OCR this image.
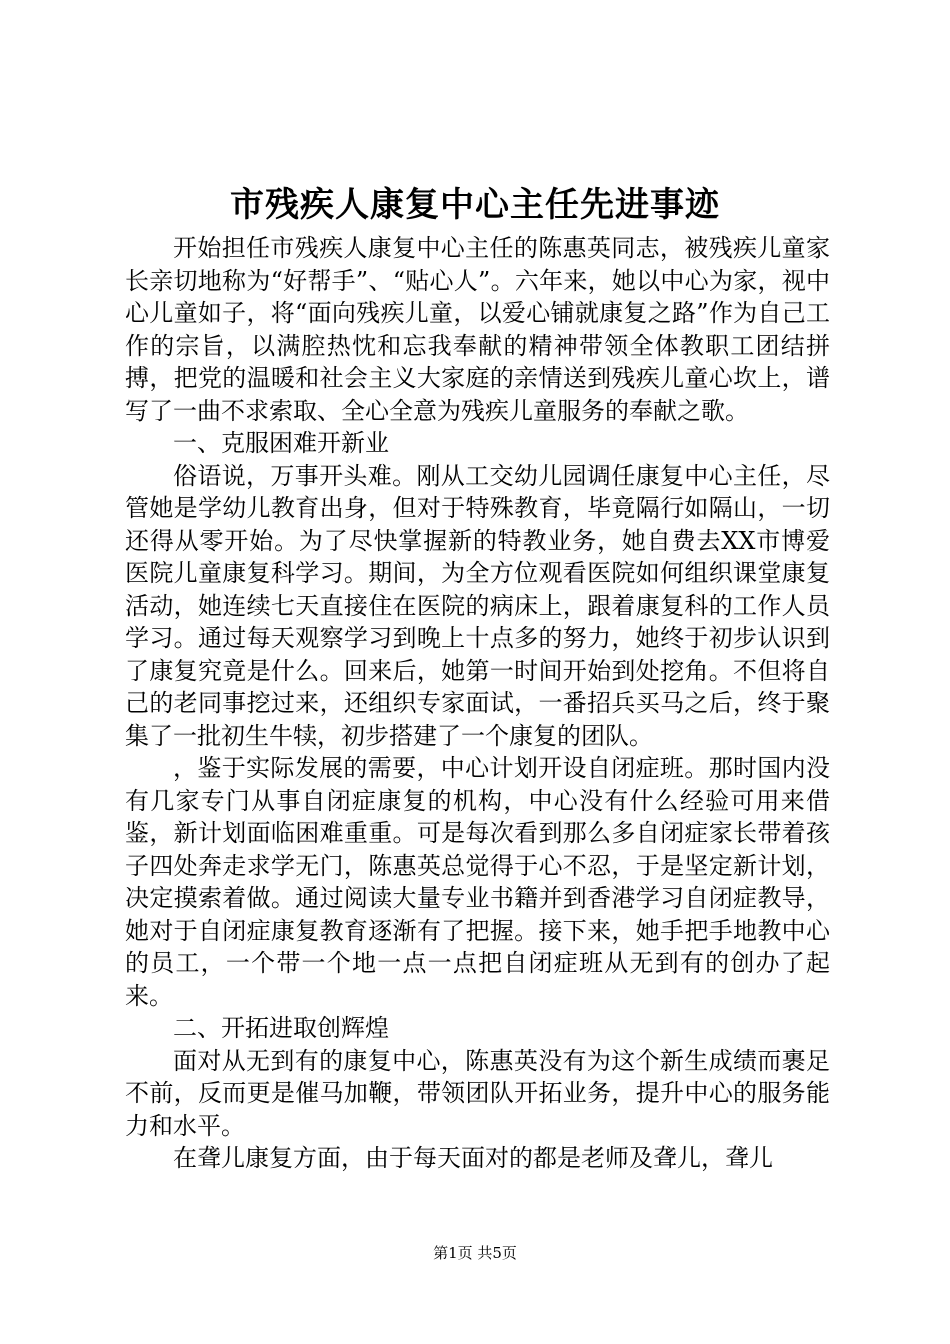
市残疾人康复中心主任先进事迹

开始担任市残疾人康复中心主任的陈惠英同志，被残疾儿童家长亲切地称为“好帮手”、“贴心人”。六年来，她以中心为家，视中心儿童如子，将“面向残疾儿童，以爱心铺就康复之路”作为自己工作的宗旨，以满腔热忱和忘我奉献的精神带领全体教职工团结拼搏，把党的温暖和社会主义大家庭的亲情送到残疾儿童心坎上，谱写了一曲不求索取、全心全意为残疾儿童服务的奉献之歌。

一、克服困难开新业

俗语说，万事开头难。刚从工交幼儿园调任康复中心主任，尽管她是学幼儿教育出身，但对于特殊教育，毕竟隔行如隔山，一切还得从零开始。为了尽快掌握新的特教业务，她自费去XX市博爱医院儿童康复科学习。期间，为全方位观看医院如何组织课堂康复活动，她连续七天直接住在医院的病床上，跟着康复科的工作人员学习。通过每天观察学习到晚上十点多的努力，她终于初步认识到了康复究竟是什么。回来后，她第一时间开始到处挖角。不但将自己的老同事挖过来，还组织专家面试，一番招兵买马之后，终于聚集了一批初生牛犊，初步搭建了一个康复的团队。

，鉴于实际发展的需要，中心计划开设自闭症班。那时国内没有几家专门从事自闭症康复的机构，中心没有什么经验可用来借鉴，新计划面临困难重重。可是每次看到那么多自闭症家长带着孩子四处奔走求学无门，陈惠英总觉得于心不忍，于是坚定新计划，决定摸索着做。通过阅读大量专业书籍并到香港学习自闭症教导，她对于自闭症康复教育逐渐有了把握。接下来，她手把手地教中心的员工，一个带一个地一点一点把自闭症班从无到有的创办了起来。

二、开拓进取创辉煌

面对从无到有的康复中心，陈惠英没有为这个新生成绩而裹足不前，反而更是催马加鞭，带领团队开拓业务，提升中心的服务能力和水平。

在聋儿康复方面，由于每天面对的都是老师及聋儿，聋儿

第1页 共5页
